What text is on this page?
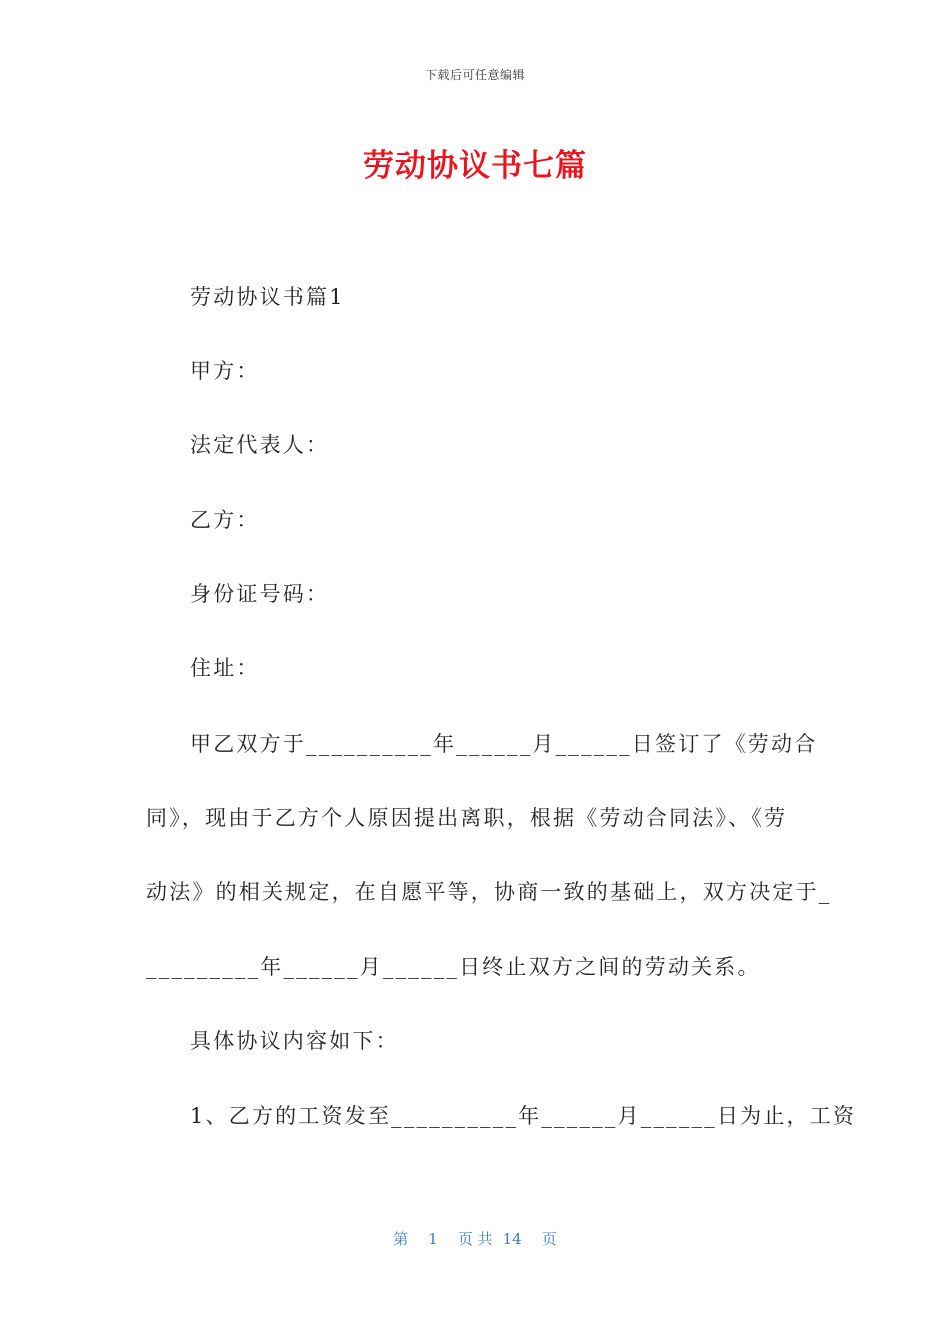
下载后可任意编辑
劳动协议书七篇
劳动协议书篇1
甲方：
法定代表人：
乙方：
身份证号码：
住址：
甲乙双方于__________年______月______日签订了《劳动合
同》，现由于乙方个人原因提出离职，根据《劳动合同法》、《劳
动法》的相关规定，在自愿平等，协商一致的基础上，双方决定于_
_________年______月______日终止双方之间的劳动关系。
具体协议内容如下：
1、乙方的工资发至__________年______月______日为止，工资
第 1 页 共 14 页
